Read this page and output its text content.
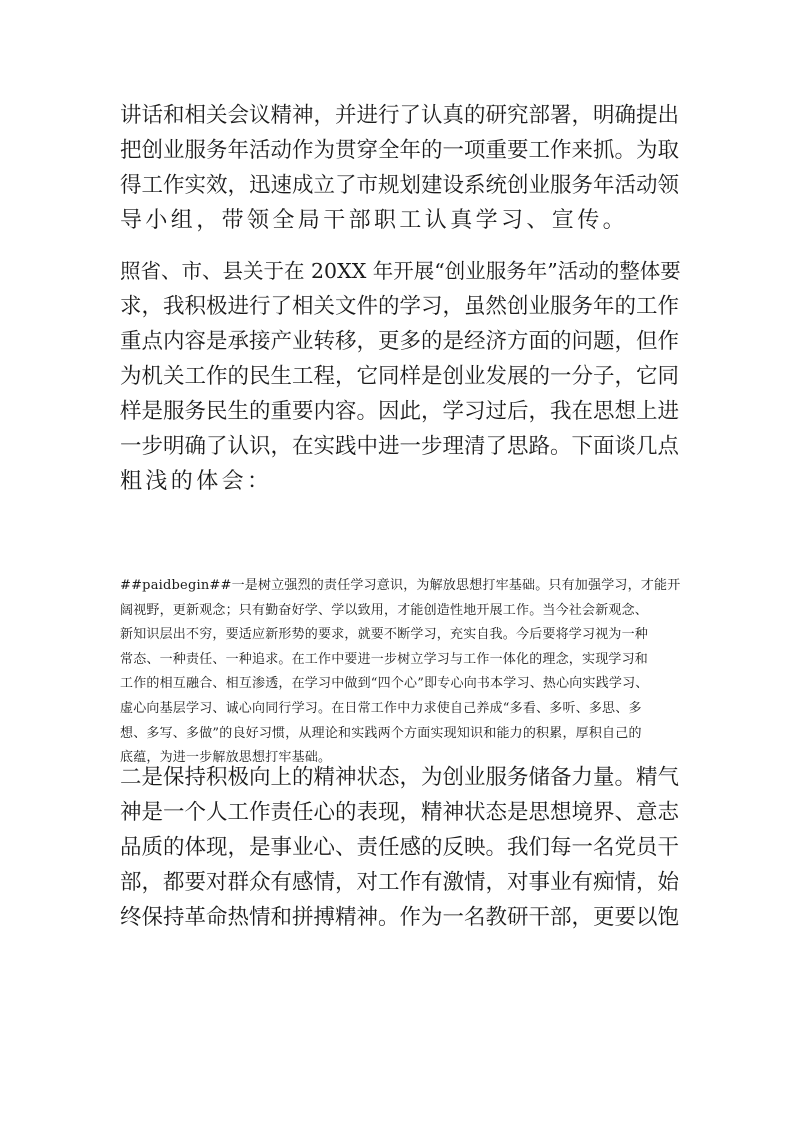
讲话和相关会议精神，并进行了认真的研究部署，明确提出
把创业服务年活动作为贯穿全年的一项重要工作来抓。为取
得工作实效，迅速成立了市规划建设系统创业服务年活动领
导小组，带领全局干部职工认真学习、宣传。
照省、市、县关于在 20XX 年开展“创业服务年”活动的整体要
求，我积极进行了相关文件的学习，虽然创业服务年的工作
重点内容是承接产业转移，更多的是经济方面的问题，但作
为机关工作的民生工程，它同样是创业发展的一分子，它同
样是服务民生的重要内容。因此，学习过后，我在思想上进
一步明确了认识，在实践中进一步理清了思路。下面谈几点
粗浅的体会：
##paidbegin##一是树立强烈的责任学习意识，为解放思想打牢基础。只有加强学习，才能开
阔视野，更新观念；只有勤奋好学、学以致用，才能创造性地开展工作。当今社会新观念、
新知识层出不穷，要适应新形势的要求，就要不断学习，充实自我。今后要将学习视为一种
常态、一种责任、一种追求。在工作中要进一步树立学习与工作一体化的理念，实现学习和
工作的相互融合、相互渗透，在学习中做到“四个心”即专心向书本学习、热心向实践学习、
虚心向基层学习、诚心向同行学习。在日常工作中力求使自己养成“多看、多听、多思、多
想、多写、多做”的良好习惯，从理论和实践两个方面实现知识和能力的积累，厚积自己的
底蕴，为进一步解放思想打牢基础。
二是保持积极向上的精神状态，为创业服务储备力量。精气
神是一个人工作责任心的表现，精神状态是思想境界、意志
品质的体现，是事业心、责任感的反映。我们每一名党员干
部，都要对群众有感情，对工作有激情，对事业有痴情，始
终保持革命热情和拼搏精神。作为一名教研干部，更要以饱
